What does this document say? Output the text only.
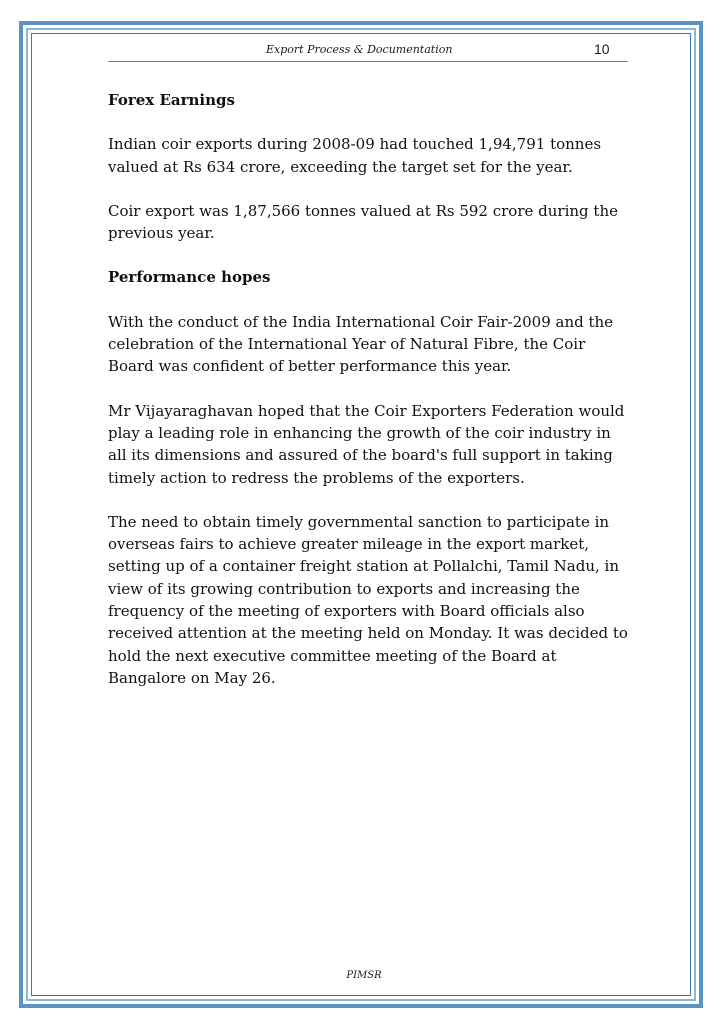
Export Process & Documentation	10
Forex Earnings

Indian coir exports during 2008-09 had touched 1,94,791 tonnes valued at Rs 634 crore, exceeding the target set for the year.

Coir export was 1,87,566 tonnes valued at Rs 592 crore during the previous year.

Performance hopes

With the conduct of the India International Coir Fair-2009 and the celebration of the International Year of Natural Fibre, the Coir Board was confident of better performance this year.

Mr Vijayaraghavan hoped that the Coir Exporters Federation would play a leading role in enhancing the growth of the coir industry in all its dimensions and assured of the board's full support in taking timely action to redress the problems of the exporters.

The need to obtain timely governmental sanction to participate in overseas fairs to achieve greater mileage in the export market, setting up of a container freight station at Pollalchi, Tamil Nadu, in view of its growing contribution to exports and increasing the frequency of the meeting of exporters with Board officials also received attention at the meeting held on Monday. It was decided to hold the next executive committee meeting of the Board at Bangalore on May 26.

PIMSR
